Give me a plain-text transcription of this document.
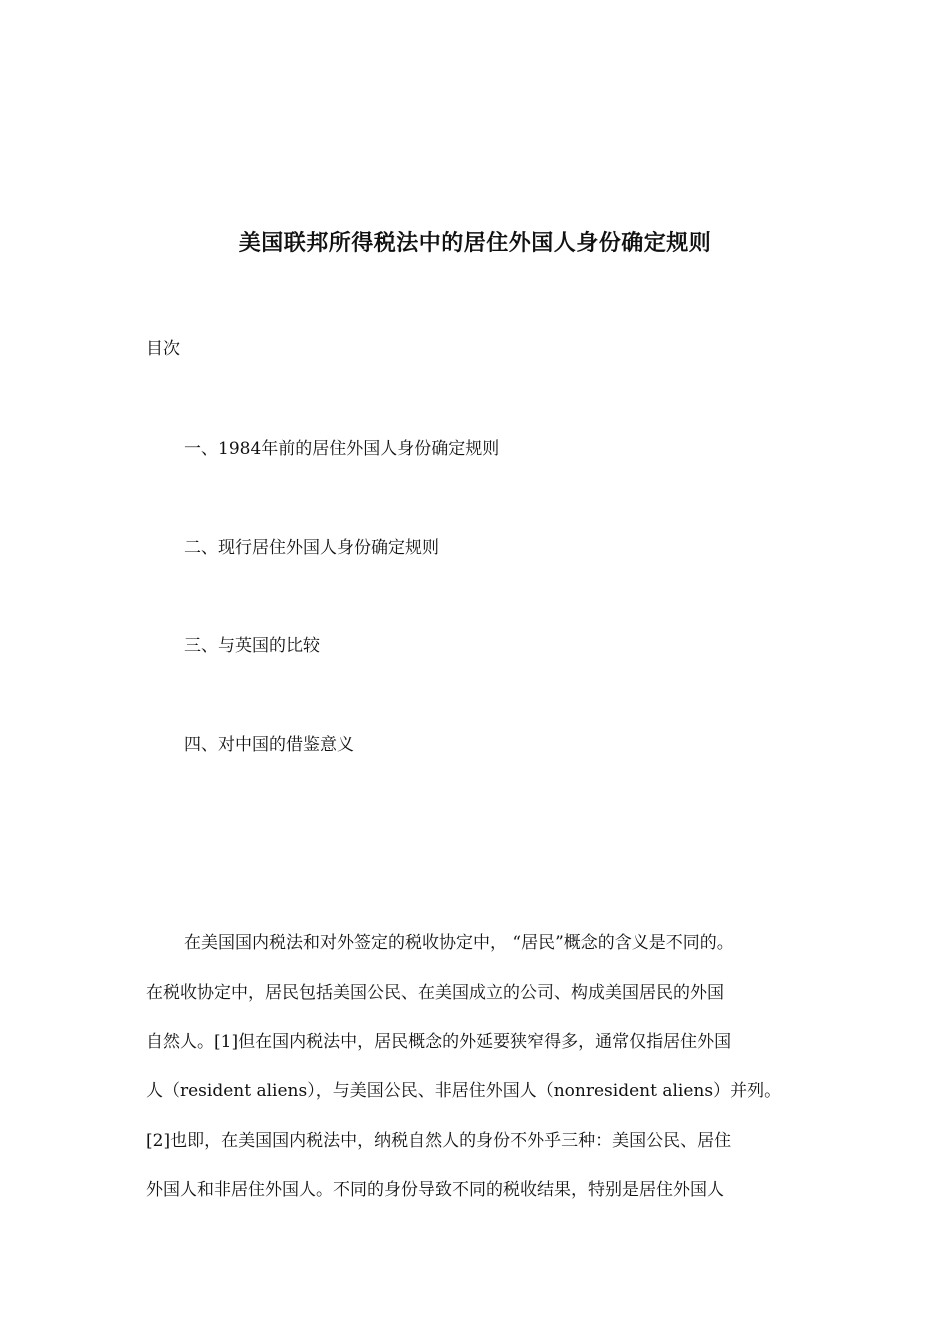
美国联邦所得税法中的居住外国人身份确定规则
目次
一、1984年前的居住外国人身份确定规则
二、现行居住外国人身份确定规则
三、与英国的比较
四、对中国的借鉴意义
在美国国内税法和对外签定的税收协定中， “居民”概念的含义是不同的。
在税收协定中，居民包括美国公民、在美国成立的公司、构成美国居民的外国
自然人。[1]但在国内税法中，居民概念的外延要狭窄得多，通常仅指居住外国
人（resident aliens），与美国公民、非居住外国人（nonresident aliens）并列。
[2]也即，在美国国内税法中，纳税自然人的身份不外乎三种：美国公民、居住
外国人和非居住外国人。不同的身份导致不同的税收结果，特别是居住外国人
